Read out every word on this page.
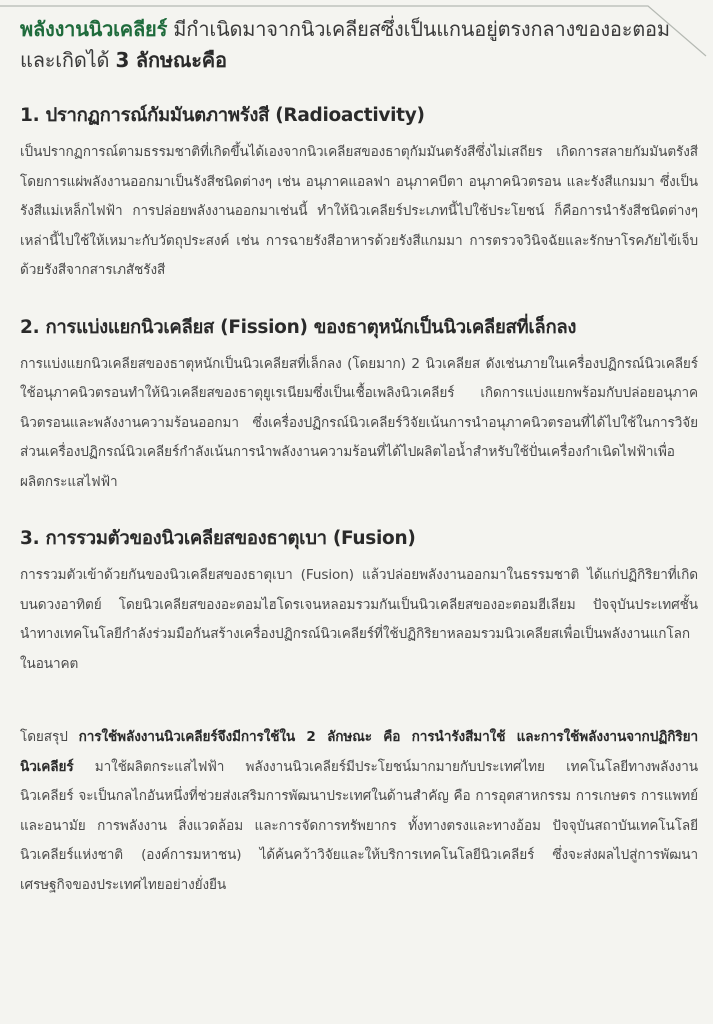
พลังงานนิวเคลียร์ มีกำเนิดมาจากนิวเคลียสซึ่งเป็นแกนอยู่ตรงกลางของอะตอม และเกิดได้ 3 ลักษณะคือ

1. ปรากฏการณ์กัมมันตภาพรังสี (Radioactivity)

เป็นปรากฏการณ์ตามธรรมชาติที่เกิดขึ้นได้เองจากนิวเคลียสของธาตุกัมมันตรังสีซึ่งไม่เสถียร เกิดการสลายกัมมันตรังสีโดยการแผ่พลังงานออกมาเป็นรังสีชนิดต่างๆ เช่น อนุภาคแอลฟา อนุภาคบีตา อนุภาคนิวตรอน และรังสีแกมมา ซึ่งเป็นรังสีแม่เหล็กไฟฟ้า การปล่อยพลังงานออกมาเช่นนี้ ทำให้นิวเคลียร์ประเภทนี้ไปใช้ประโยชน์ ก็คือการนำรังสีชนิดต่างๆ เหล่านี้ไปใช้ให้เหมาะกับวัตถุประสงค์ เช่น การฉายรังสีอาหารด้วยรังสีแกมมา การตรวจวินิจฉัยและรักษาโรคภัยไข้เจ็บด้วยรังสีจากสารเภสัชรังสี

2. การแบ่งแยกนิวเคลียส (Fission) ของธาตุหนักเป็นนิวเคลียสที่เล็กลง

การแบ่งแยกนิวเคลียสของธาตุหนักเป็นนิวเคลียสที่เล็กลง (โดยมาก) 2 นิวเคลียส ดังเช่นภายในเครื่องปฏิกรณ์นิวเคลียร์ ใช้อนุภาคนิวตรอนทำให้นิวเคลียสของธาตุยูเรเนียมซึ่งเป็นเชื้อเพลิงนิวเคลียร์ เกิดการแบ่งแยกพร้อมกับปล่อยอนุภาคนิวตรอนและพลังงานความร้อนออกมา ซึ่งเครื่องปฏิกรณ์นิวเคลียร์วิจัยเน้นการนำอนุภาคนิวตรอนที่ได้ไปใช้ในการวิจัย ส่วนเครื่องปฏิกรณ์นิวเคลียร์กำลังเน้นการนำพลังงานความร้อนที่ได้ไปผลิตไอน้ำสำหรับใช้ปั่นเครื่องกำเนิดไฟฟ้าเพื่อผลิตกระแสไฟฟ้า

3. การรวมตัวของนิวเคลียสของธาตุเบา (Fusion)

การรวมตัวเข้าด้วยกันของนิวเคลียสของธาตุเบา (Fusion) แล้วปล่อยพลังงานออกมาในธรรมชาติ ได้แก่ปฏิกิริยาที่เกิดบนดวงอาทิตย์ โดยนิวเคลียสของอะตอมไฮโดรเจนหลอมรวมกันเป็นนิวเคลียสของอะตอมฮีเลียม ปัจจุบันประเทศชั้นนำทางเทคโนโลยีกำลังร่วมมือกันสร้างเครื่องปฏิกรณ์นิวเคลียร์ที่ใช้ปฏิกิริยาหลอมรวมนิวเคลียสเพื่อเป็นพลังงานแกโลกในอนาคต

โดยสรุป การใช้พลังงานนิวเคลียร์จึงมีการใช้ใน 2 ลักษณะ คือ การนำรังสีมาใช้ และการใช้พลังงานจากปฏิกิริยานิวเคลียร์ มาใช้ผลิตกระแสไฟฟ้า พลังงานนิวเคลียร์มีประโยชน์มากมายกับประเทศไทย เทคโนโลยีทางพลังงานนิวเคลียร์ จะเป็นกลไกอันหนึ่งที่ช่วยส่งเสริมการพัฒนาประเทศในด้านสำคัญ คือ การอุตสาหกรรม การเกษตร การแพทย์และอนามัย การพลังงาน สิ่งแวดล้อม และการจัดการทรัพยากร ทั้งทางตรงและทางอ้อม ปัจจุบันสถาบันเทคโนโลยีนิวเคลียร์แห่งชาติ (องค์การมหาชน) ได้ค้นคว้าวิจัยและให้บริการเทคโนโลยีนิวเคลียร์ ซึ่งจะส่งผลไปสู่การพัฒนาเศรษฐกิจของประเทศไทยอย่างยั่งยืน
